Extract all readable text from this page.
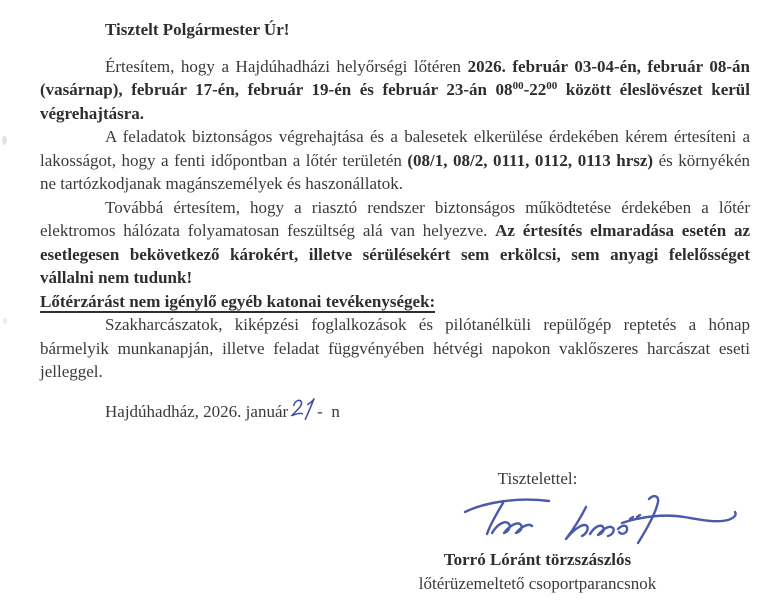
Tisztelt Polgármester Úr!

Értesítem, hogy a Hajdúhadházi helyőrségi lőtéren 2026. február 03-04-én, február 08-án (vasárnap), február 17-én, február 19-én és február 23-án $08^{00}-22^{00}$ között éleslövészet kerül végrehajtásra.

A feladatok biztonságos végrehajtása és a balesetek elkerülése érdekében kérem értesíteni a lakosságot, hogy a fenti időpontban a lőtér területén (08/1, 08/2, 0111, 0112, 0113 hrsz) és környékén ne tartózkodjanak magánszemélyek és haszonállatok.

Továbbá értesítem, hogy a riasztó rendszer biztonságos működtetése érdekében a lőtér elektromos hálózata folyamatosan feszültség alá van helyezve. Az értesítés elmaradása esetén az esetlegesen bekövetkező károkért, illetve sérülésekért sem erkölcsi, sem anyagi felelősséget vállalni nem tudunk!

Lőtérzárást nem igénylő egyéb katonai tevékenységek:

Szakharcászatok, kiképzési foglalkozások és pilótanélküli repülőgép reptetés a hónap bármelyik munkanapján, illetve feladat függvényében hétvégi napokon vaklőszeres harcászat eseti jelleggel.

Hajdúhadház, 2026. január -  n

Tisztelettel:

Torró Lóránt törzszászlós

lőtérüzemeltető csoportparancsnok
